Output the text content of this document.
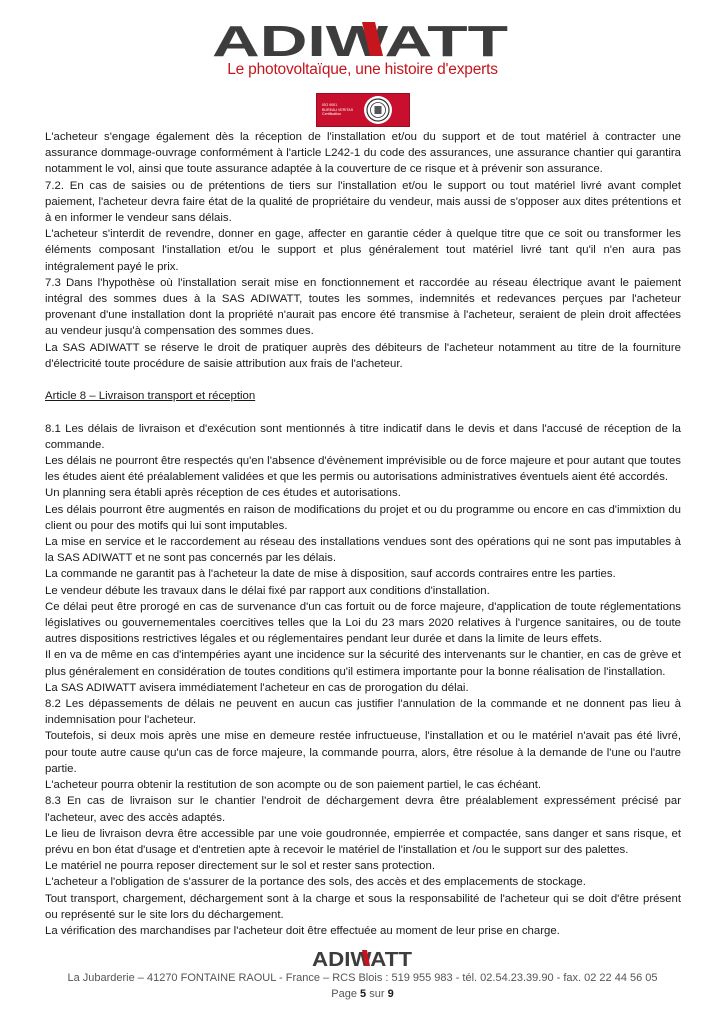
ADI WATT
Le photovoltaïque, une histoire d'experts
ISO 9001
BUREAU VERITAS
Certification

L'acheteur s'engage également dès la réception de l'installation et/ou du support et de tout matériel à contracter une assurance dommage-ouvrage conformément à l'article L242-1 du code des assurances, une assurance chantier qui garantira notamment le vol, ainsi que toute assurance adaptée à la couverture de ce risque et à prévenir son assurance.

7.2. En cas de saisies ou de prétentions de tiers sur l'installation et/ou le support ou tout matériel livré avant complet paiement, l'acheteur devra faire état de la qualité de propriétaire du vendeur, mais aussi de s'opposer aux dites prétentions et à en informer le vendeur sans délais.

L'acheteur s'interdit de revendre, donner en gage, affecter en garantie céder à quelque titre que ce soit ou transformer les éléments composant l'installation et/ou le support et plus généralement tout matériel livré tant qu'il n'en aura pas intégralement payé le prix.

7.3 Dans l'hypothèse où l'installation serait mise en fonctionnement et raccordée au réseau électrique avant le paiement intégral des sommes dues à la SAS ADIWATT, toutes les sommes, indemnités et redevances perçues par l'acheteur provenant d'une installation dont la propriété n'aurait pas encore été transmise à l'acheteur, seraient de plein droit affectées au vendeur jusqu'à compensation des sommes dues.

La SAS ADIWATT se réserve le droit de pratiquer auprès des débiteurs de l'acheteur notamment au titre de la fourniture d'électricité toute procédure de saisie attribution aux frais de l'acheteur.

Article 8 – Livraison transport et réception

8.1 Les délais de livraison et d'exécution sont mentionnés à titre indicatif dans le devis et dans l'accusé de réception de la commande.

Les délais ne pourront être respectés qu'en l'absence d'évènement imprévisible ou de force majeure et pour autant que toutes les études aient été préalablement validées et que les permis ou autorisations administratives éventuels aient été accordés.

Un planning sera établi après réception de ces études et autorisations.

Les délais pourront être augmentés en raison de modifications du projet et ou du programme ou encore en cas d'immixtion du client ou pour des motifs qui lui sont imputables.

La mise en service et le raccordement au réseau des installations vendues sont des opérations qui ne sont pas imputables à la SAS ADIWATT et ne sont pas concernés par les délais.

La commande ne garantit pas à l'acheteur la date de mise à disposition, sauf accords contraires entre les parties.

Le vendeur débute les travaux dans le délai fixé par rapport aux conditions d'installation.

Ce délai peut être prorogé en cas de survenance d'un cas fortuit ou de force majeure, d'application de toute réglementations législatives ou gouvernementales coercitives telles que la Loi du 23 mars 2020 relatives à l'urgence sanitaires, ou de toute autres dispositions restrictives légales et ou réglementaires pendant leur durée et dans la limite de leurs effets.

Il en va de même en cas d'intempéries ayant une incidence sur la sécurité des intervenants sur le chantier, en cas de grève et plus généralement en considération de toutes conditions qu'il estimera importante pour la bonne réalisation de l'installation.

La SAS ADIWATT avisera immédiatement l'acheteur en cas de prorogation du délai.

8.2 Les dépassements de délais ne peuvent en aucun cas justifier l'annulation de la commande et ne donnent pas lieu à indemnisation pour l'acheteur.

Toutefois, si deux mois après une mise en demeure restée infructueuse, l'installation et ou le matériel n'avait pas été livré, pour toute autre cause qu'un cas de force majeure, la commande pourra, alors, être résolue à la demande de l'une ou l'autre partie.

L'acheteur pourra obtenir la restitution de son acompte ou de son paiement partiel, le cas échéant.

8.3 En cas de livraison sur le chantier l'endroit de déchargement devra être préalablement expressément précisé par l'acheteur, avec des accès adaptés.

Le lieu de livraison devra être accessible par une voie goudronnée, empierrée et compactée, sans danger et sans risque, et prévu en bon état d'usage et d'entretien apte à recevoir le matériel de l'installation et /ou le support sur des palettes.

Le matériel ne pourra reposer directement sur le sol et rester sans protection.

L'acheteur a l'obligation de s'assurer de la portance des sols, des accès et des emplacements de stockage.

Tout transport, chargement, déchargement sont à la charge et sous la responsabilité de l'acheteur qui se doit d'être présent ou représenté sur le site lors du déchargement.

La vérification des marchandises par l'acheteur doit être effectuée au moment de leur prise en charge.

ADI WATT
La Jubarderie – 41270 FONTAINE RAOUL - France – RCS Blois : 519 955 983 - tél. 02.54.23.39.90 - fax. 02 22 44 56 05
Page 5 sur 9
